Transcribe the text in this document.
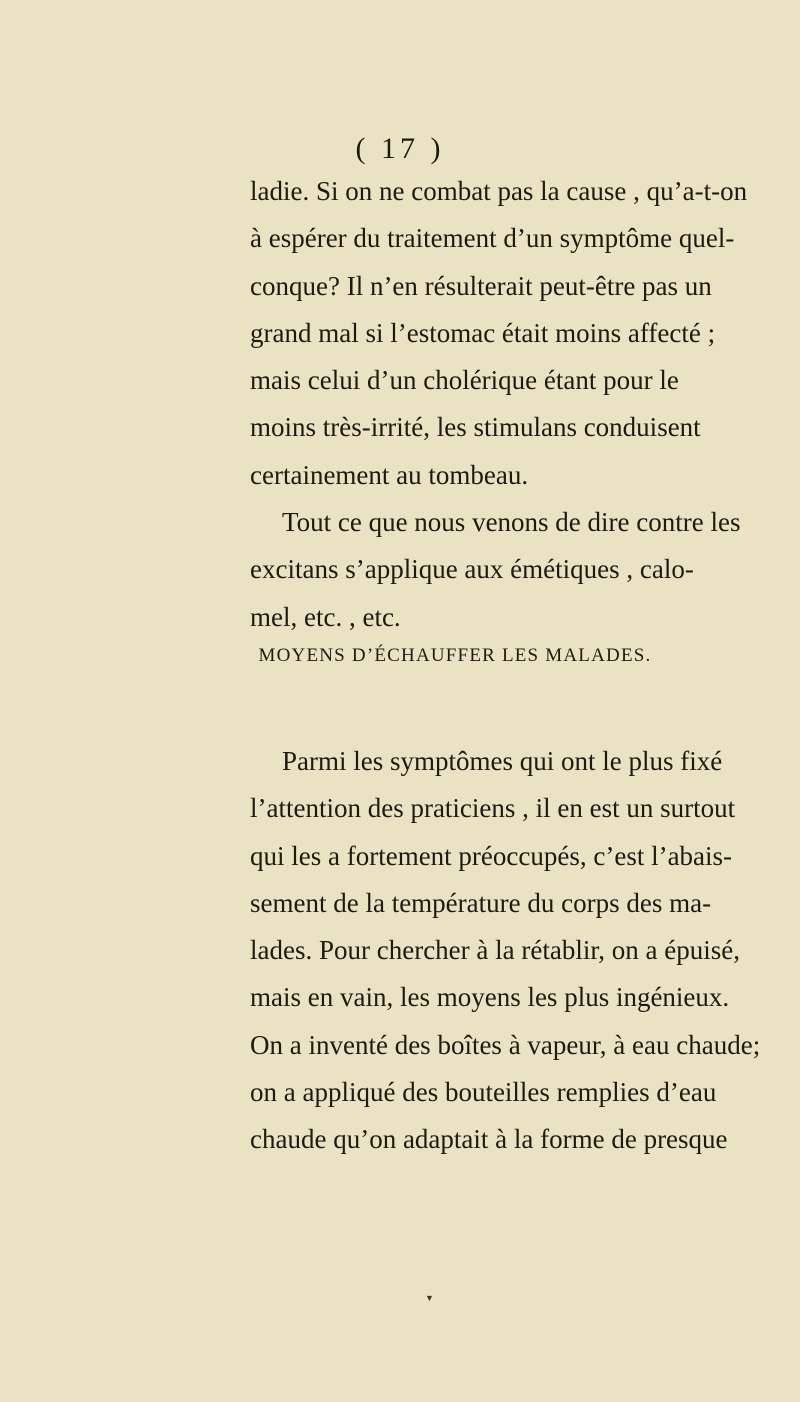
( 17 )
ladie. Si on ne combat pas la cause , qu’a-t-on
à espérer du traitement d’un symptôme quel-
conque? Il n’en résulterait peut-être pas un
grand mal si l’estomac était moins affecté ;
mais celui d’un cholérique étant pour le
moins très-irrité, les stimulans conduisent
certainement au tombeau.
Tout ce que nous venons de dire contre les
excitans s’applique aux émétiques , calo-
mel, etc. , etc.
MOYENS D’ÉCHAUFFER LES MALADES.
Parmi les symptômes qui ont le plus fixé
l’attention des praticiens , il en est un surtout
qui les a fortement préoccupés, c’est l’abais-
sement de la température du corps des ma-
lades. Pour chercher à la rétablir, on a épuisé,
mais en vain, les moyens les plus ingénieux.
On a inventé des boîtes à vapeur, à eau chaude;
on a appliqué des bouteilles remplies d’eau
chaude qu’on adaptait à la forme de presque
▼
